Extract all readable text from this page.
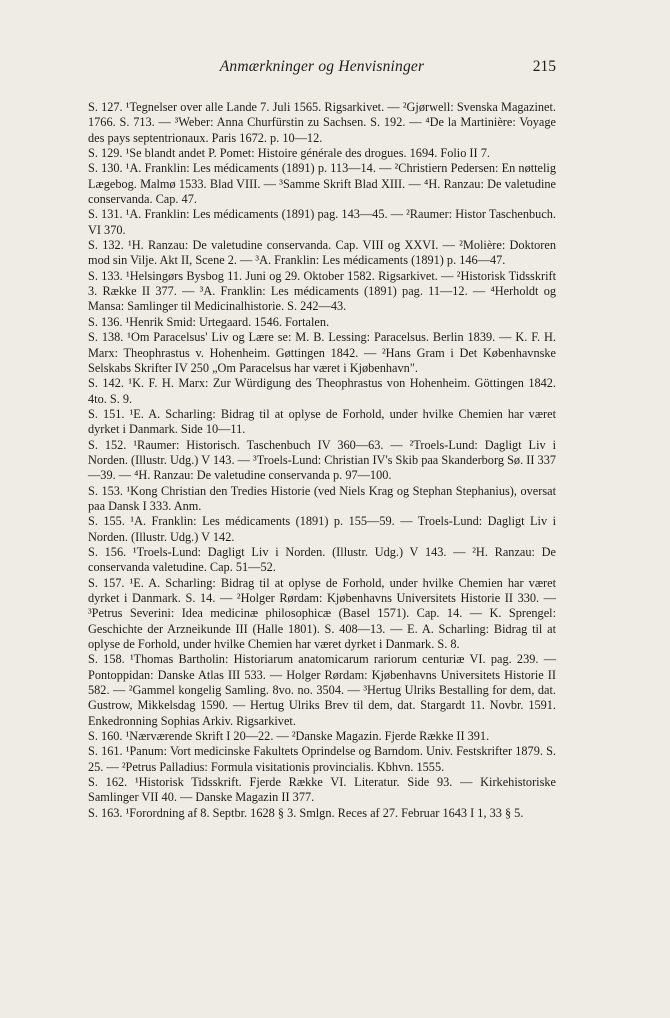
Anmærkninger og Henvisninger	215

S. 127. ¹Tegnelser over alle Lande 7. Juli 1565. Rigsarkivet. — ²Gjørwell: Svenska Magazinet. 1766. S. 713. — ³Weber: Anna Churfürstin zu Sachsen. S. 192. — ⁴De la Martinière: Voyage des pays septentrionaux. Paris 1672. p. 10—12.

S. 129. ¹Se blandt andet P. Pomet: Histoire générale des drogues. 1694. Folio II 7.

S. 130. ¹A. Franklin: Les médicaments (1891) p. 113—14. — ²Christiern Pedersen: En nøttelig Lægebog. Malmø 1533. Blad VIII. — ³Samme Skrift Blad XIII. — ⁴H. Ranzau: De valetudine conservanda. Cap. 47.

S. 131. ¹A. Franklin: Les médicaments (1891) pag. 143—45. — ²Raumer: Histor Taschenbuch. VI 370.

S. 132. ¹H. Ranzau: De valetudine conservanda. Cap. VIII og XXVI. — ²Molière: Doktoren mod sin Vilje. Akt II, Scene 2. — ³A. Franklin: Les médicaments (1891) p. 146—47.

S. 133. ¹Helsingørs Bysbog 11. Juni og 29. Oktober 1582. Rigsarkivet. — ²Historisk Tidsskrift 3. Række II 377. — ³A. Franklin: Les médicaments (1891) pag. 11—12. — ⁴Herholdt og Mansa: Samlinger til Medicinalhistorie. S. 242—43.

S. 136. ¹Henrik Smid: Urtegaard. 1546. Fortalen.

S. 138. ¹Om Paracelsus' Liv og Lære se: M. B. Lessing: Paracelsus. Berlin 1839. — K. F. H. Marx: Theophrastus v. Hohenheim. Gøttingen 1842. — ²Hans Gram i Det Københavnske Selskabs Skrifter IV 250 „Om Paracelsus har været i Kjøbenhavn".

S. 142. ¹K. F. H. Marx: Zur Würdigung des Theophrastus von Hohenheim. Göttingen 1842. 4to. S. 9.

S. 151. ¹E. A. Scharling: Bidrag til at oplyse de Forhold, under hvilke Chemien har været dyrket i Danmark. Side 10—11.

S. 152. ¹Raumer: Historisch. Taschenbuch IV 360—63. — ²Troels-Lund: Dagligt Liv i Norden. (Illustr. Udg.) V 143. — ³Troels-Lund: Christian IV's Skib paa Skanderborg Sø. II 337—39. — ⁴H. Ranzau: De valetudine conservanda p. 97—100.

S. 153. ¹Kong Christian den Tredies Historie (ved Niels Krag og Stephan Stephanius), oversat paa Dansk I 333. Anm.

S. 155. ¹A. Franklin: Les médicaments (1891) p. 155—59. — Troels-Lund: Dagligt Liv i Norden. (Illustr. Udg.) V 142.

S. 156. ¹Troels-Lund: Dagligt Liv i Norden. (Illustr. Udg.) V 143. — ²H. Ranzau: De conservanda valetudine. Cap. 51—52.

S. 157. ¹E. A. Scharling: Bidrag til at oplyse de Forhold, under hvilke Chemien har været dyrket i Danmark. S. 14. — ²Holger Rørdam: Kjøbenhavns Universitets Historie II 330. — ³Petrus Severini: Idea medicinæ philosophicæ (Basel 1571). Cap. 14. — K. Sprengel: Geschichte der Arzneikunde III (Halle 1801). S. 408—13. — E. A. Scharling: Bidrag til at oplyse de Forhold, under hvilke Chemien har været dyrket i Danmark. S. 8.

S. 158. ¹Thomas Bartholin: Historiarum anatomicarum rariorum centuriæ VI. pag. 239. — Pontoppidan: Danske Atlas III 533. — Holger Rørdam: Kjøbenhavns Universitets Historie II 582. — ²Gammel kongelig Samling. 8vo. no. 3504. — ³Hertug Ulriks Bestalling for dem, dat. Gustrow, Mikkelsdag 1590. — Hertug Ulriks Brev til dem, dat. Stargardt 11. Novbr. 1591. Enkedronning Sophias Arkiv. Rigsarkivet.

S. 160. ¹Nærværende Skrift I 20—22. — ²Danske Magazin. Fjerde Række II 391.

S. 161. ¹Panum: Vort medicinske Fakultets Oprindelse og Barndom. Univ. Festskrifter 1879. S. 25. — ²Petrus Palladius: Formula visitationis provincialis. Kbhvn. 1555.

S. 162. ¹Historisk Tidsskrift. Fjerde Række VI. Literatur. Side 93. — Kirkehistoriske Samlinger VII 40. — Danske Magazin II 377.

S. 163. ¹Forordning af 8. Septbr. 1628 § 3. Smlgn. Reces af 27. Februar 1643 I 1, 33 § 5.
